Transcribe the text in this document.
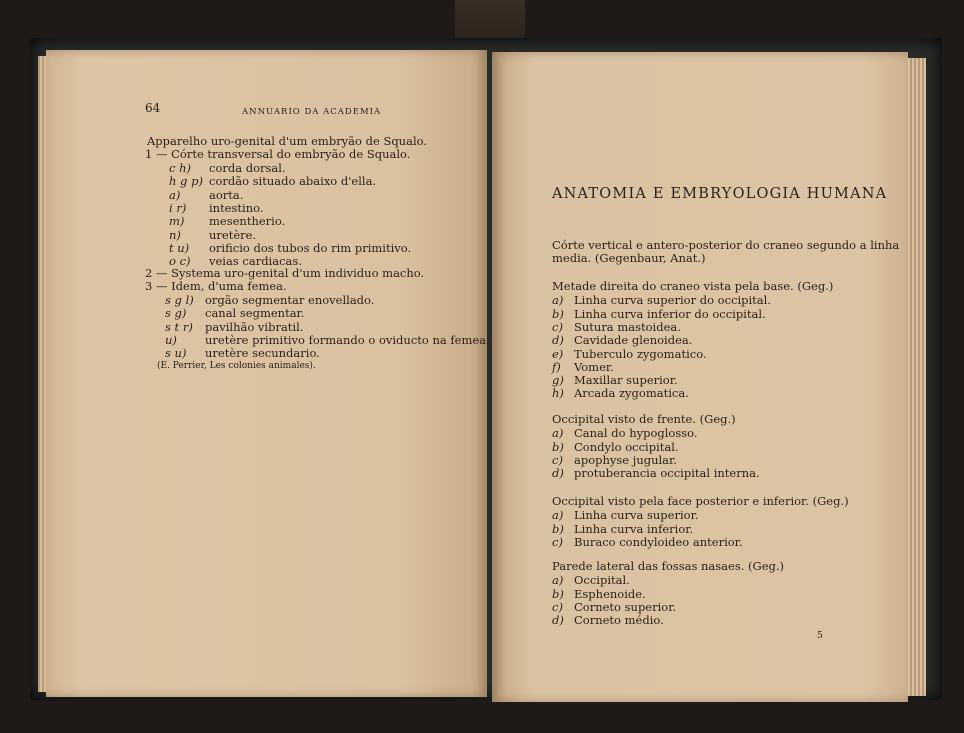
64	ANNUARIO DA ACADEMIA
Apparelho uro-genital d'um embryão de Squalo.
1 — Córte transversal do embryão de Squalo.
c h) corda dorsal.
h g p) cordão situado abaixo d'ella.
a) aorta.
i r) intestino.
m) mesentherio.
n) uretère.
t u) orificio dos tubos do rim primitivo.
o c) veias cardiacas.
2 — Systema uro-genital d'um individuo macho.
3 — Idem, d'uma femea.
s g l) orgão segmentar enovellado.
s g) canal segmentar.
s t r) pavilhão vibratil.
u) uretère primitivo formando o oviducto na femea.
s u) uretère secundario.
(E. Perrier, Les colonies animales).
ANATOMIA E EMBRYOLOGIA HUMANA
Córte vertical e antero-posterior do craneo segundo a linha
media. (Gegenbaur, Anat.)
Metade direita do craneo vista pela base. (Geg.)
a) Linha curva superior do occipital.
b) Linha curva inferior do occipital.
c) Sutura mastoidea.
d) Cavidade glenoidea.
e) Tuberculo zygomatico.
f) Vomer.
g) Maxillar superior.
h) Arcada zygomatica.
Occipital visto de frente. (Geg.)
a) Canal do hypoglosso.
b) Condylo occipital.
c) apophyse jugular.
d) protuberancia occipital interna.
Occipital visto pela face posterior e inferior. (Geg.)
a) Linha curva superior.
b) Linha curva inferior.
c) Buraco condyloideo anterior.
Parede lateral das fossas nasaes. (Geg.)
a) Occipital.
b) Esphenoide.
c) Corneto superior.
d) Corneto médio.
5
